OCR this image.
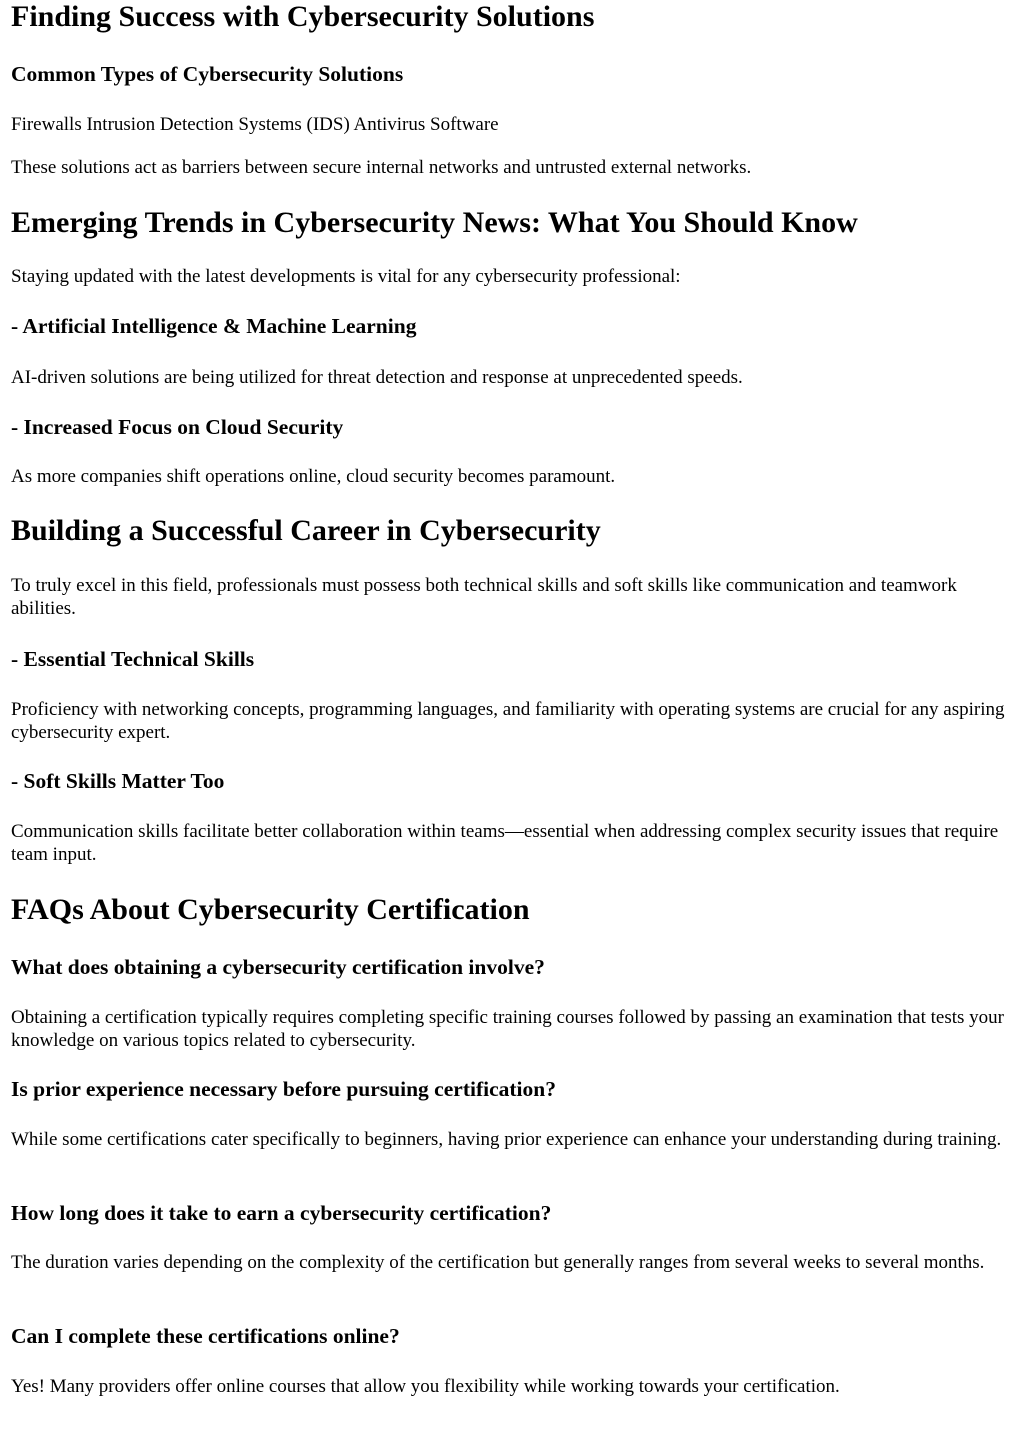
Finding Success with Cybersecurity Solutions
Common Types of Cybersecurity Solutions

Firewalls Intrusion Detection Systems (IDS) Antivirus Software

These solutions act as barriers between secure internal networks and untrusted external networks.

Emerging Trends in Cybersecurity News: What You Should Know

Staying updated with the latest developments is vital for any cybersecurity professional:

- Artificial Intelligence & Machine Learning

AI-driven solutions are being utilized for threat detection and response at unprecedented speeds.

- Increased Focus on Cloud Security

As more companies shift operations online, cloud security becomes paramount.

Building a Successful Career in Cybersecurity

To truly excel in this field, professionals must possess both technical skills and soft skills like communication and teamwork abilities.

- Essential Technical Skills

Proficiency with networking concepts, programming languages, and familiarity with operating systems are crucial for any aspiring cybersecurity expert.

- Soft Skills Matter Too

Communication skills facilitate better collaboration within teams—essential when addressing complex security issues that require team input.

FAQs About Cybersecurity Certification
What does obtaining a cybersecurity certification involve?

Obtaining a certification typically requires completing specific training courses followed by passing an examination that tests your knowledge on various topics related to cybersecurity.

Is prior experience necessary before pursuing certification?

While some certifications cater specifically to beginners, having prior experience can enhance your understanding during training.

How long does it take to earn a cybersecurity certification?

The duration varies depending on the complexity of the certification but generally ranges from several weeks to several months.

Can I complete these certifications online?

Yes! Many providers offer online courses that allow you flexibility while working towards your certification.
